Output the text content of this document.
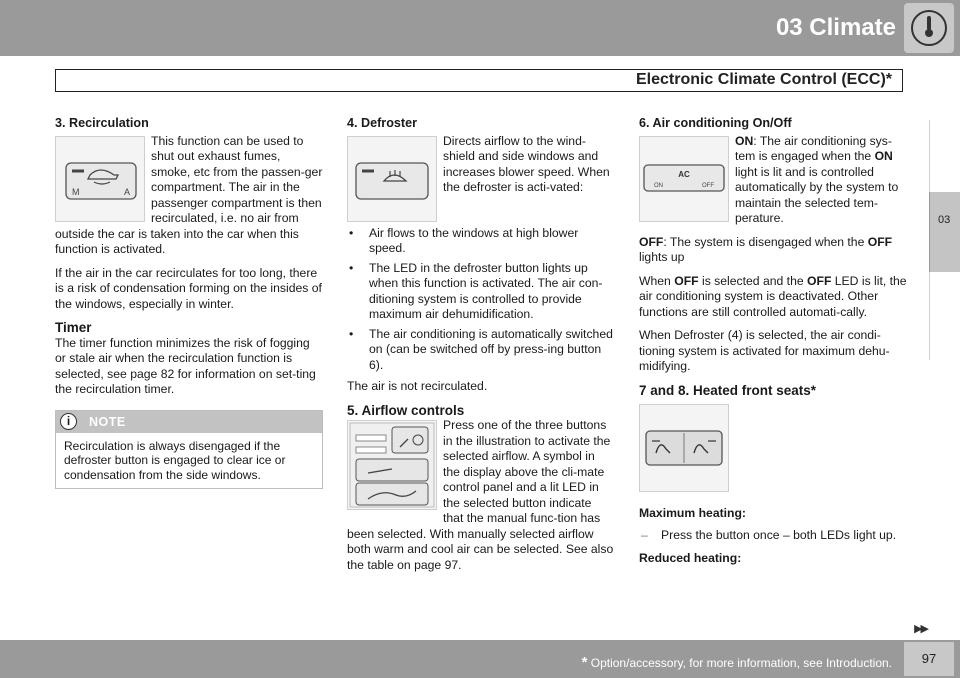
03 Climate
Electronic Climate Control (ECC)*
03
3. Recirculation
M	A

This function can be used to shut out exhaust fumes, smoke, etc from the passen-ger compartment. The air in the passenger compartment is then recirculated, i.e. no air from outside the car is taken into the car when this function is activated.

If the air in the car recirculates for too long, there is a risk of condensation forming on the insides of the windows, especially in winter.

Timer

The timer function minimizes the risk of fogging or stale air when the recirculation function is selected, see page 82 for information on set-ting the recirculation timer.

i	NOTE
Recirculation is always disengaged if the defroster button is engaged to clear ice or condensation from the side windows.
4. Defroster

Directs airflow to the wind-shield and side windows and increases blower speed. When the defroster is acti-vated:

• Air flows to the windows at high blower speed.
• The LED in the defroster button lights up when this function is activated. The air con-ditioning system is controlled to provide maximum air dehumidification.
• The air conditioning is automatically switched on (can be switched off by press-ing button 6).

The air is not recirculated.

5. Airflow controls

Press one of the three buttons in the illustration to activate the selected airflow. A symbol in the display above the cli-mate control panel and a lit LED in the selected button indicate that the manual func-tion has been selected. With manually selected airflow both warm and cool air can be selected. See also the table on page 97.

6. Air conditioning On/Off
AC
ON	OFF

ON: The air conditioning sys-tem is engaged when the ON light is lit and is controlled automatically by the system to maintain the selected tem-perature.

OFF: The system is disengaged when the OFF lights up

When OFF is selected and the OFF LED is lit, the air conditioning system is deactivated. Other functions are still controlled automati-cally.

When Defroster (4) is selected, the air condi-tioning system is activated for maximum dehu-midifying.

7 and 8. Heated front seats*
Maximum heating:
– Press the button once – both LEDs light up.
Reduced heating:
▶▶
* Option/accessory, for more information, see Introduction.	97
